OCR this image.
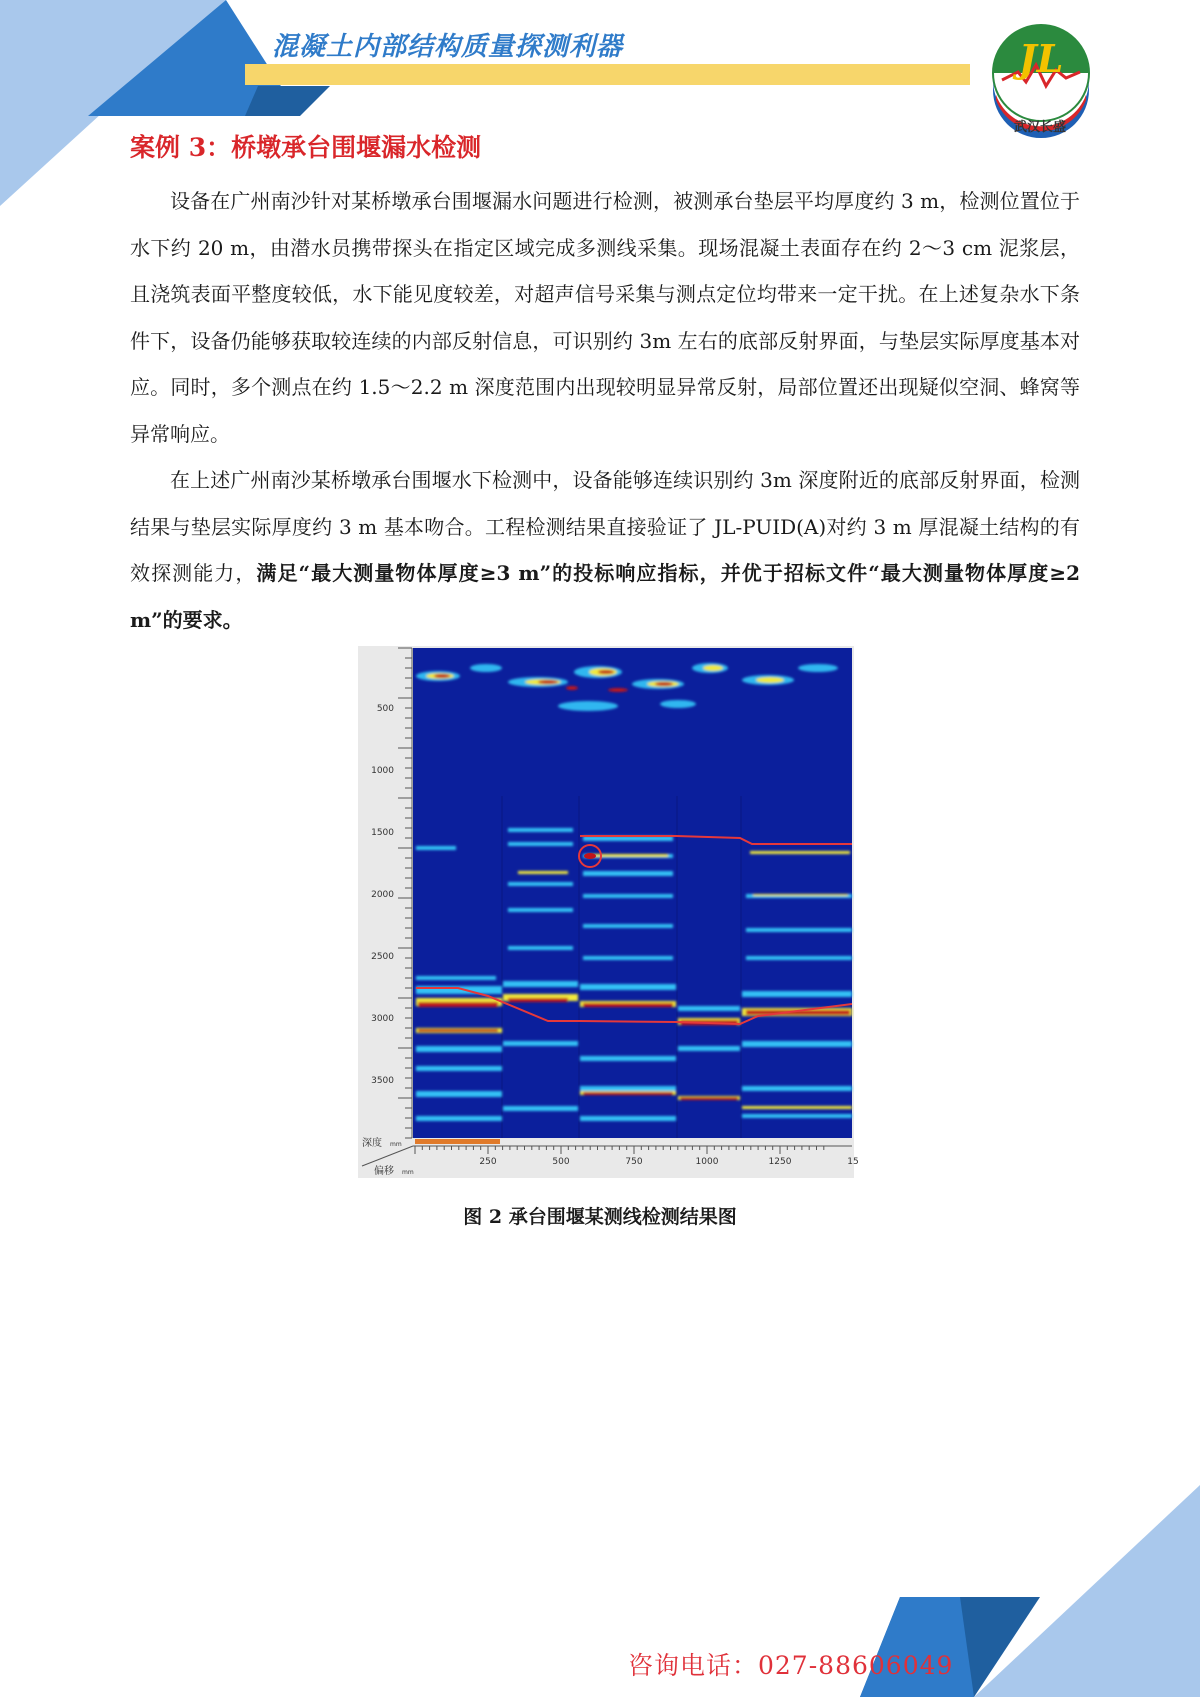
混凝土内部结构质量探测利器	JL
武汉长盛
案例 3：桥墩承台围堰漏水检测

设备在广州南沙针对某桥墩承台围堰漏水问题进行检测，被测承台垫层平均厚度约 3 m，检测位置位于水下约 20 m，由潜水员携带探头在指定区域完成多测线采集。现场混凝土表面存在约 2～3 cm 泥浆层，且浇筑表面平整度较低，水下能见度较差，对超声信号采集与测点定位均带来一定干扰。在上述复杂水下条件下，设备仍能够获取较连续的内部反射信息，可识别约 3m 左右的底部反射界面，与垫层实际厚度基本对应。同时，多个测点在约 1.5～2.2 m 深度范围内出现较明显异常反射，局部位置还出现疑似空洞、蜂窝等异常响应。

在上述广州南沙某桥墩承台围堰水下检测中，设备能够连续识别约 3m 深度附近的底部反射界面，检测结果与垫层实际厚度约 3 m 基本吻合。工程检测结果直接验证了 JL-PUID(A)对约 3 m 厚混凝土结构的有效探测能力，满足“最大测量物体厚度≥3 m”的投标响应指标，并优于招标文件“最大测量物体厚度≥2 m”的要求。

500
1000
1500
2000
2500
3000
3500
250	500	750	1000	1250	15
深度 mm
偏移 mm
图 2 承台围堰某测线检测结果图
咨询电话：027-88606049
